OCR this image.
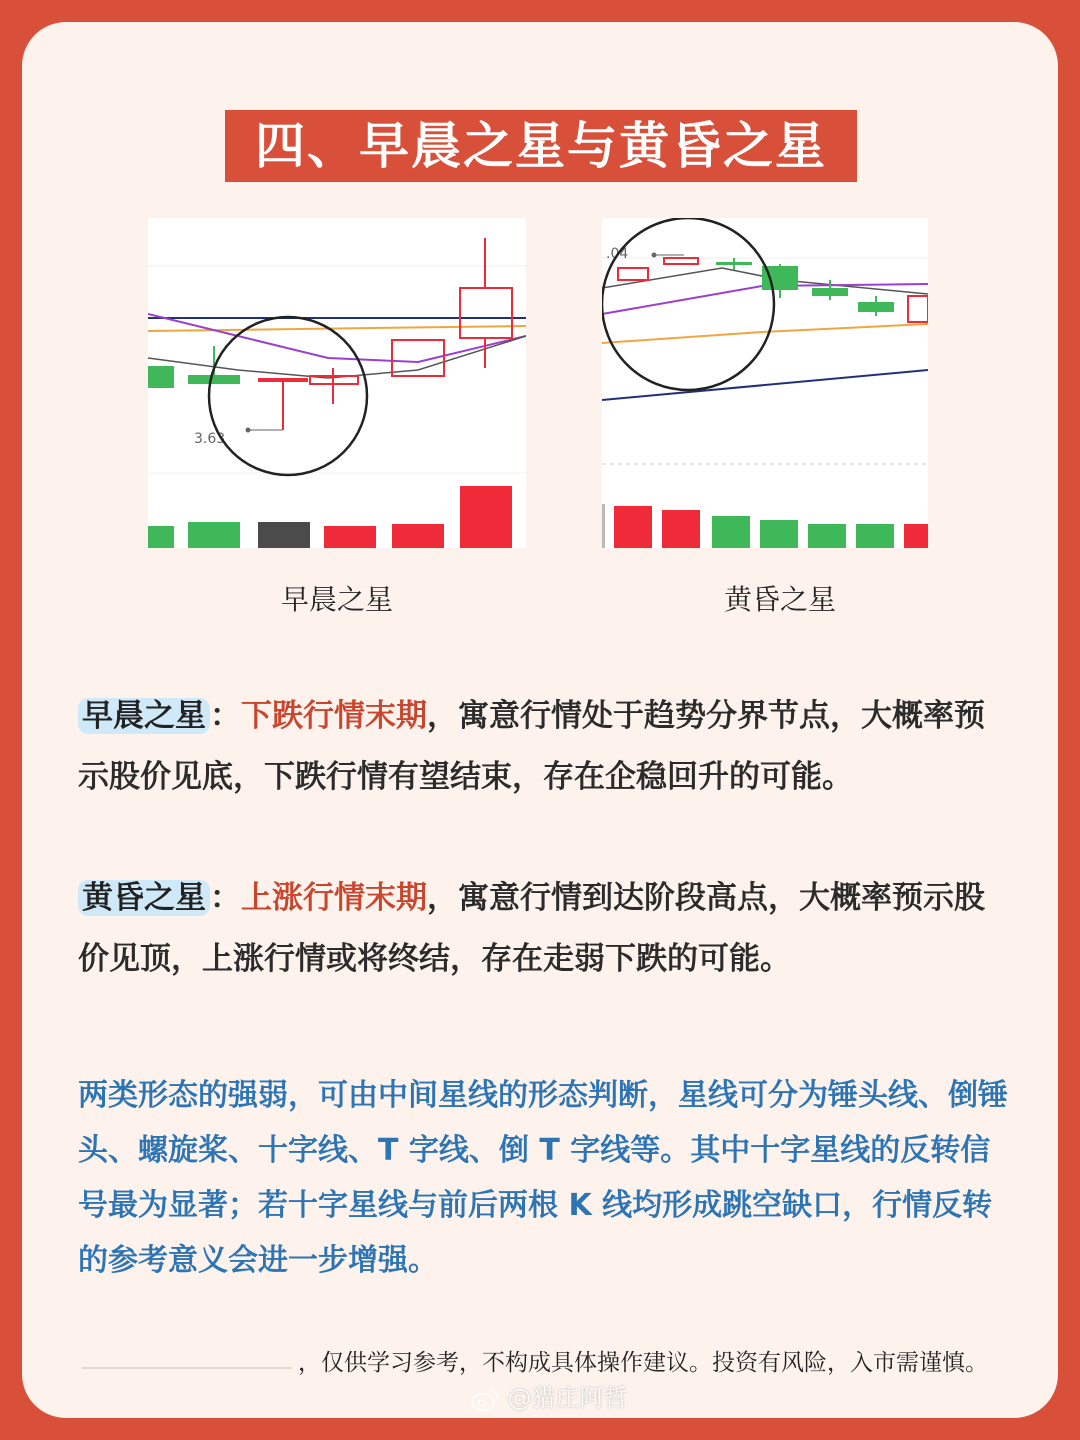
四、早晨之星与黄昏之星
3.63
早晨之星
.04
黄昏之星
早晨之星 ：下跌行情末期，寓意行情处于趋势分界节点，大概率预示股价见底，下跌行情有望结束，存在企稳回升的可能。
黄昏之星 ：上涨行情末期，寓意行情到达阶段高点，大概率预示股价见顶，上涨行情或将终结，存在走弱下跌的可能。
两类形态的强弱，可由中间星线的形态判断，星线可分为锤头线、倒锤头、螺旋桨、十字线、T 字线、倒 T 字线等。其中十字星线的反转信号最为显著；若十字星线与前后两根 K 线均形成跳空缺口，行情反转的参考意义会进一步增强。
，仅供学习参考，不构成具体操作建议。投资有风险，入市需谨慎。
@猎庄阿哲
